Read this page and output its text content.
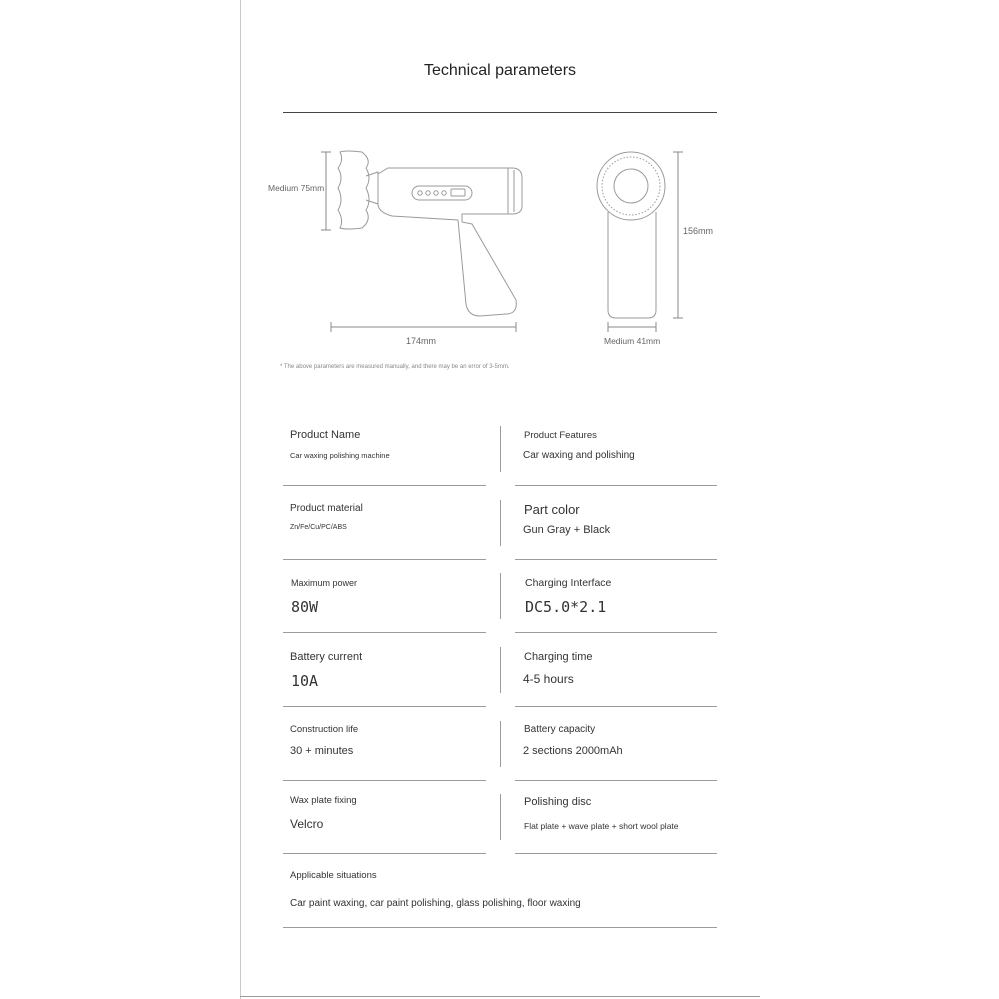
Technical parameters
Medium 75mm
174mm
156mm
Medium 41mm
* The above parameters are measured manually, and there may be an error of 3-5mm.
Product Name
Car waxing polishing machine
Product Features
Car waxing and polishing
Product material
Zn/Fe/Cu/PC/ABS
Part color
Gun Gray + Black
Maximum power
80W
Charging Interface
DC5.0*2.1
Battery current
10A
Charging time
4-5 hours
Construction life
30 + minutes
Battery capacity
2 sections 2000mAh
Wax plate fixing
Velcro
Polishing disc
Flat plate + wave plate + short wool plate
Applicable situations
Car paint waxing, car paint polishing, glass polishing, floor waxing
